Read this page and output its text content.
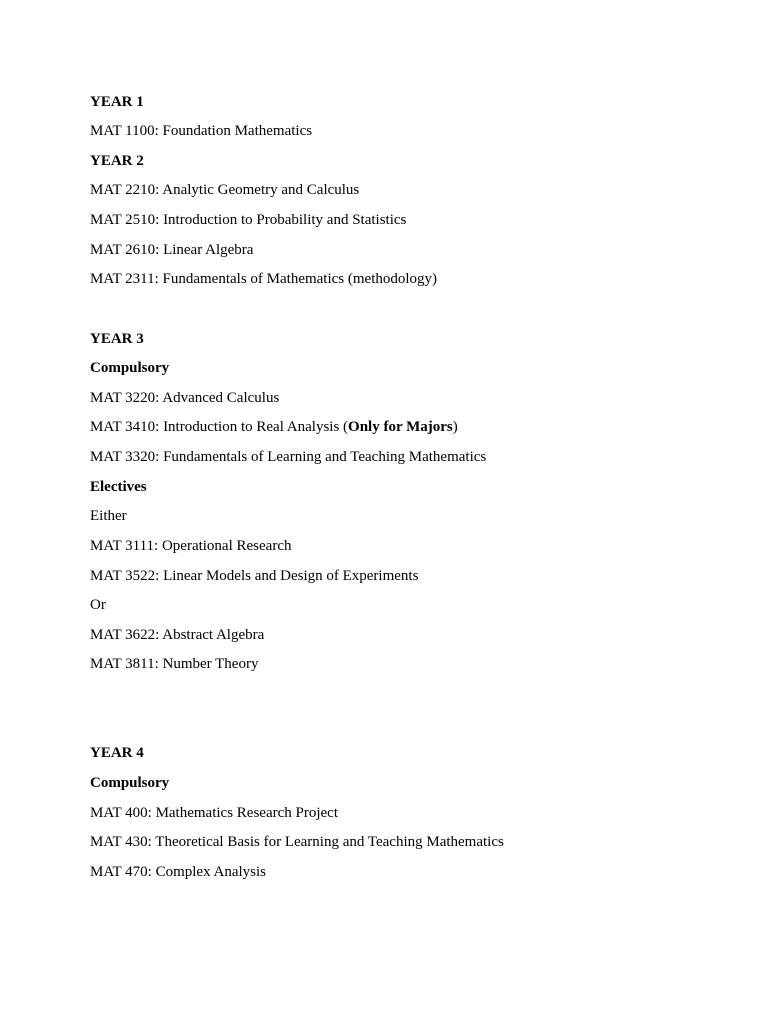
YEAR 1
MAT 1100: Foundation Mathematics
YEAR 2
MAT 2210: Analytic Geometry and Calculus
MAT 2510: Introduction to Probability and Statistics
MAT 2610: Linear Algebra
MAT 2311: Fundamentals of Mathematics (methodology)
YEAR 3
Compulsory
MAT 3220: Advanced Calculus
MAT 3410: Introduction to Real Analysis (Only for Majors)
MAT 3320: Fundamentals of Learning and Teaching Mathematics
Electives
Either
MAT 3111: Operational Research
MAT 3522: Linear Models and Design of Experiments
Or
MAT 3622: Abstract Algebra
MAT 3811: Number Theory
YEAR 4
Compulsory
MAT 400: Mathematics Research Project
MAT 430: Theoretical Basis for Learning and Teaching Mathematics
MAT 470: Complex Analysis
